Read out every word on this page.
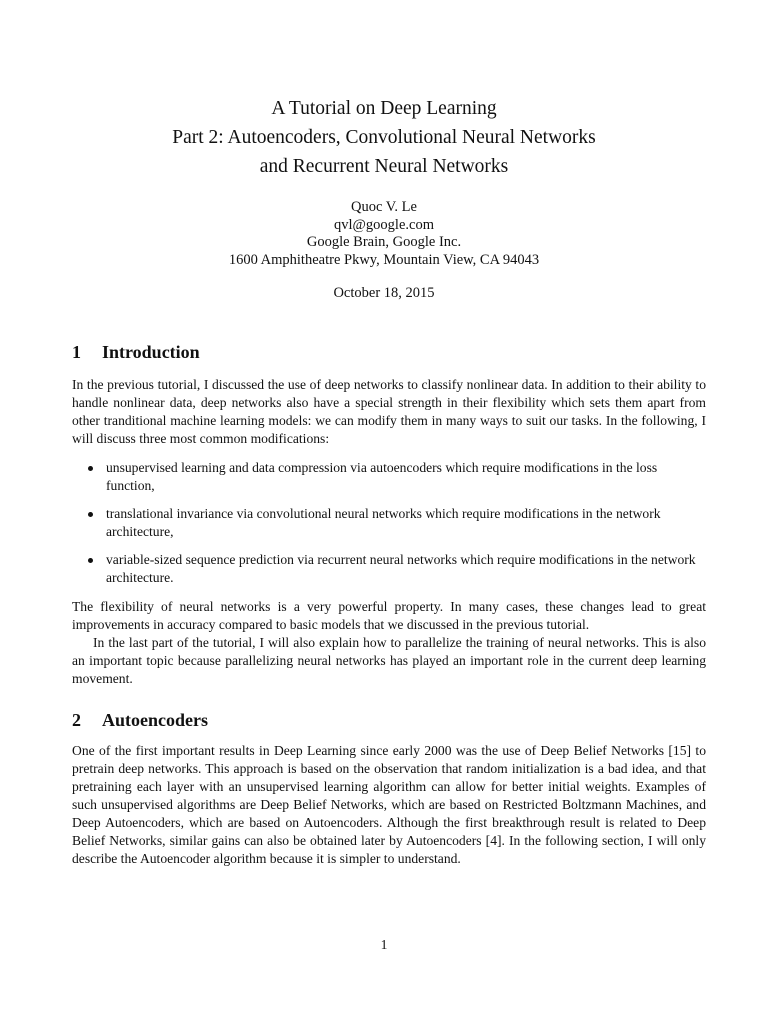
A Tutorial on Deep Learning
Part 2: Autoencoders, Convolutional Neural Networks
and Recurrent Neural Networks
Quoc V. Le
qvl@google.com
Google Brain, Google Inc.
1600 Amphitheatre Pkwy, Mountain View, CA 94043
October 18, 2015
1 Introduction

In the previous tutorial, I discussed the use of deep networks to classify nonlinear data. In addition to their ability to handle nonlinear data, deep networks also have a special strength in their flexibility which sets them apart from other tranditional machine learning models: we can modify them in many ways to suit our tasks. In the following, I will discuss three most common modifications:

unsupervised learning and data compression via autoencoders which require modifications in the loss function,
translational invariance via convolutional neural networks which require modifications in the network architecture,
variable-sized sequence prediction via recurrent neural networks which require modifications in the network architecture.

The flexibility of neural networks is a very powerful property. In many cases, these changes lead to great improvements in accuracy compared to basic models that we discussed in the previous tutorial.

In the last part of the tutorial, I will also explain how to parallelize the training of neural networks. This is also an important topic because parallelizing neural networks has played an important role in the current deep learning movement.

2 Autoencoders

One of the first important results in Deep Learning since early 2000 was the use of Deep Belief Networks [15] to pretrain deep networks. This approach is based on the observation that random initialization is a bad idea, and that pretraining each layer with an unsupervised learning algorithm can allow for better initial weights. Examples of such unsupervised algorithms are Deep Belief Networks, which are based on Restricted Boltzmann Machines, and Deep Autoencoders, which are based on Autoencoders. Although the first breakthrough result is related to Deep Belief Networks, similar gains can also be obtained later by Autoencoders [4]. In the following section, I will only describe the Autoencoder algorithm because it is simpler to understand.

1
